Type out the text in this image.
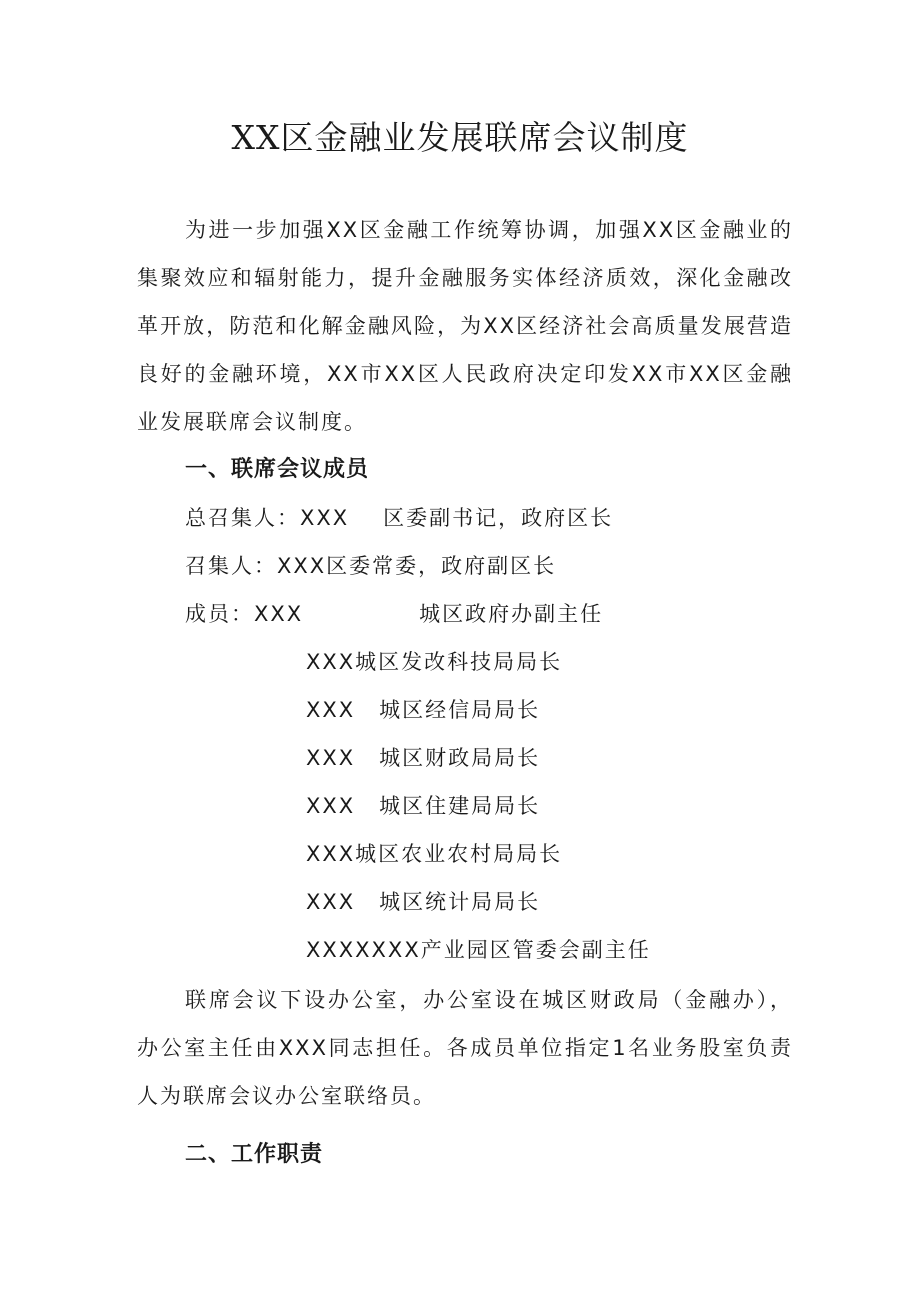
XX区金融业发展联席会议制度
为进一步加强XX区金融工作统筹协调，加强XX区金融业的集聚效应和辐射能力，提升金融服务实体经济质效，深化金融改革开放，防范和化解金融风险，为XX区经济社会高质量发展营造良好的金融环境，XX市XX区人民政府决定印发XX市XX区金融业发展联席会议制度。
一、联席会议成员
总召集人：XXX 区委副书记，政府区长
召集人：XXX区委常委，政府副区长
成员：XXX	城区政府办副主任
XXX城区发改科技局局长
XXX 城区经信局局长
XXX 城区财政局局长
XXX 城区住建局局长
XXX城区农业农村局局长
XXX 城区统计局局长
XXXXXXX产业园区管委会副主任
联席会议下设办公室，办公室设在城区财政局（金融办），办公室主任由XXX同志担任。各成员单位指定1名业务股室负责人为联席会议办公室联络员。
二、工作职责
